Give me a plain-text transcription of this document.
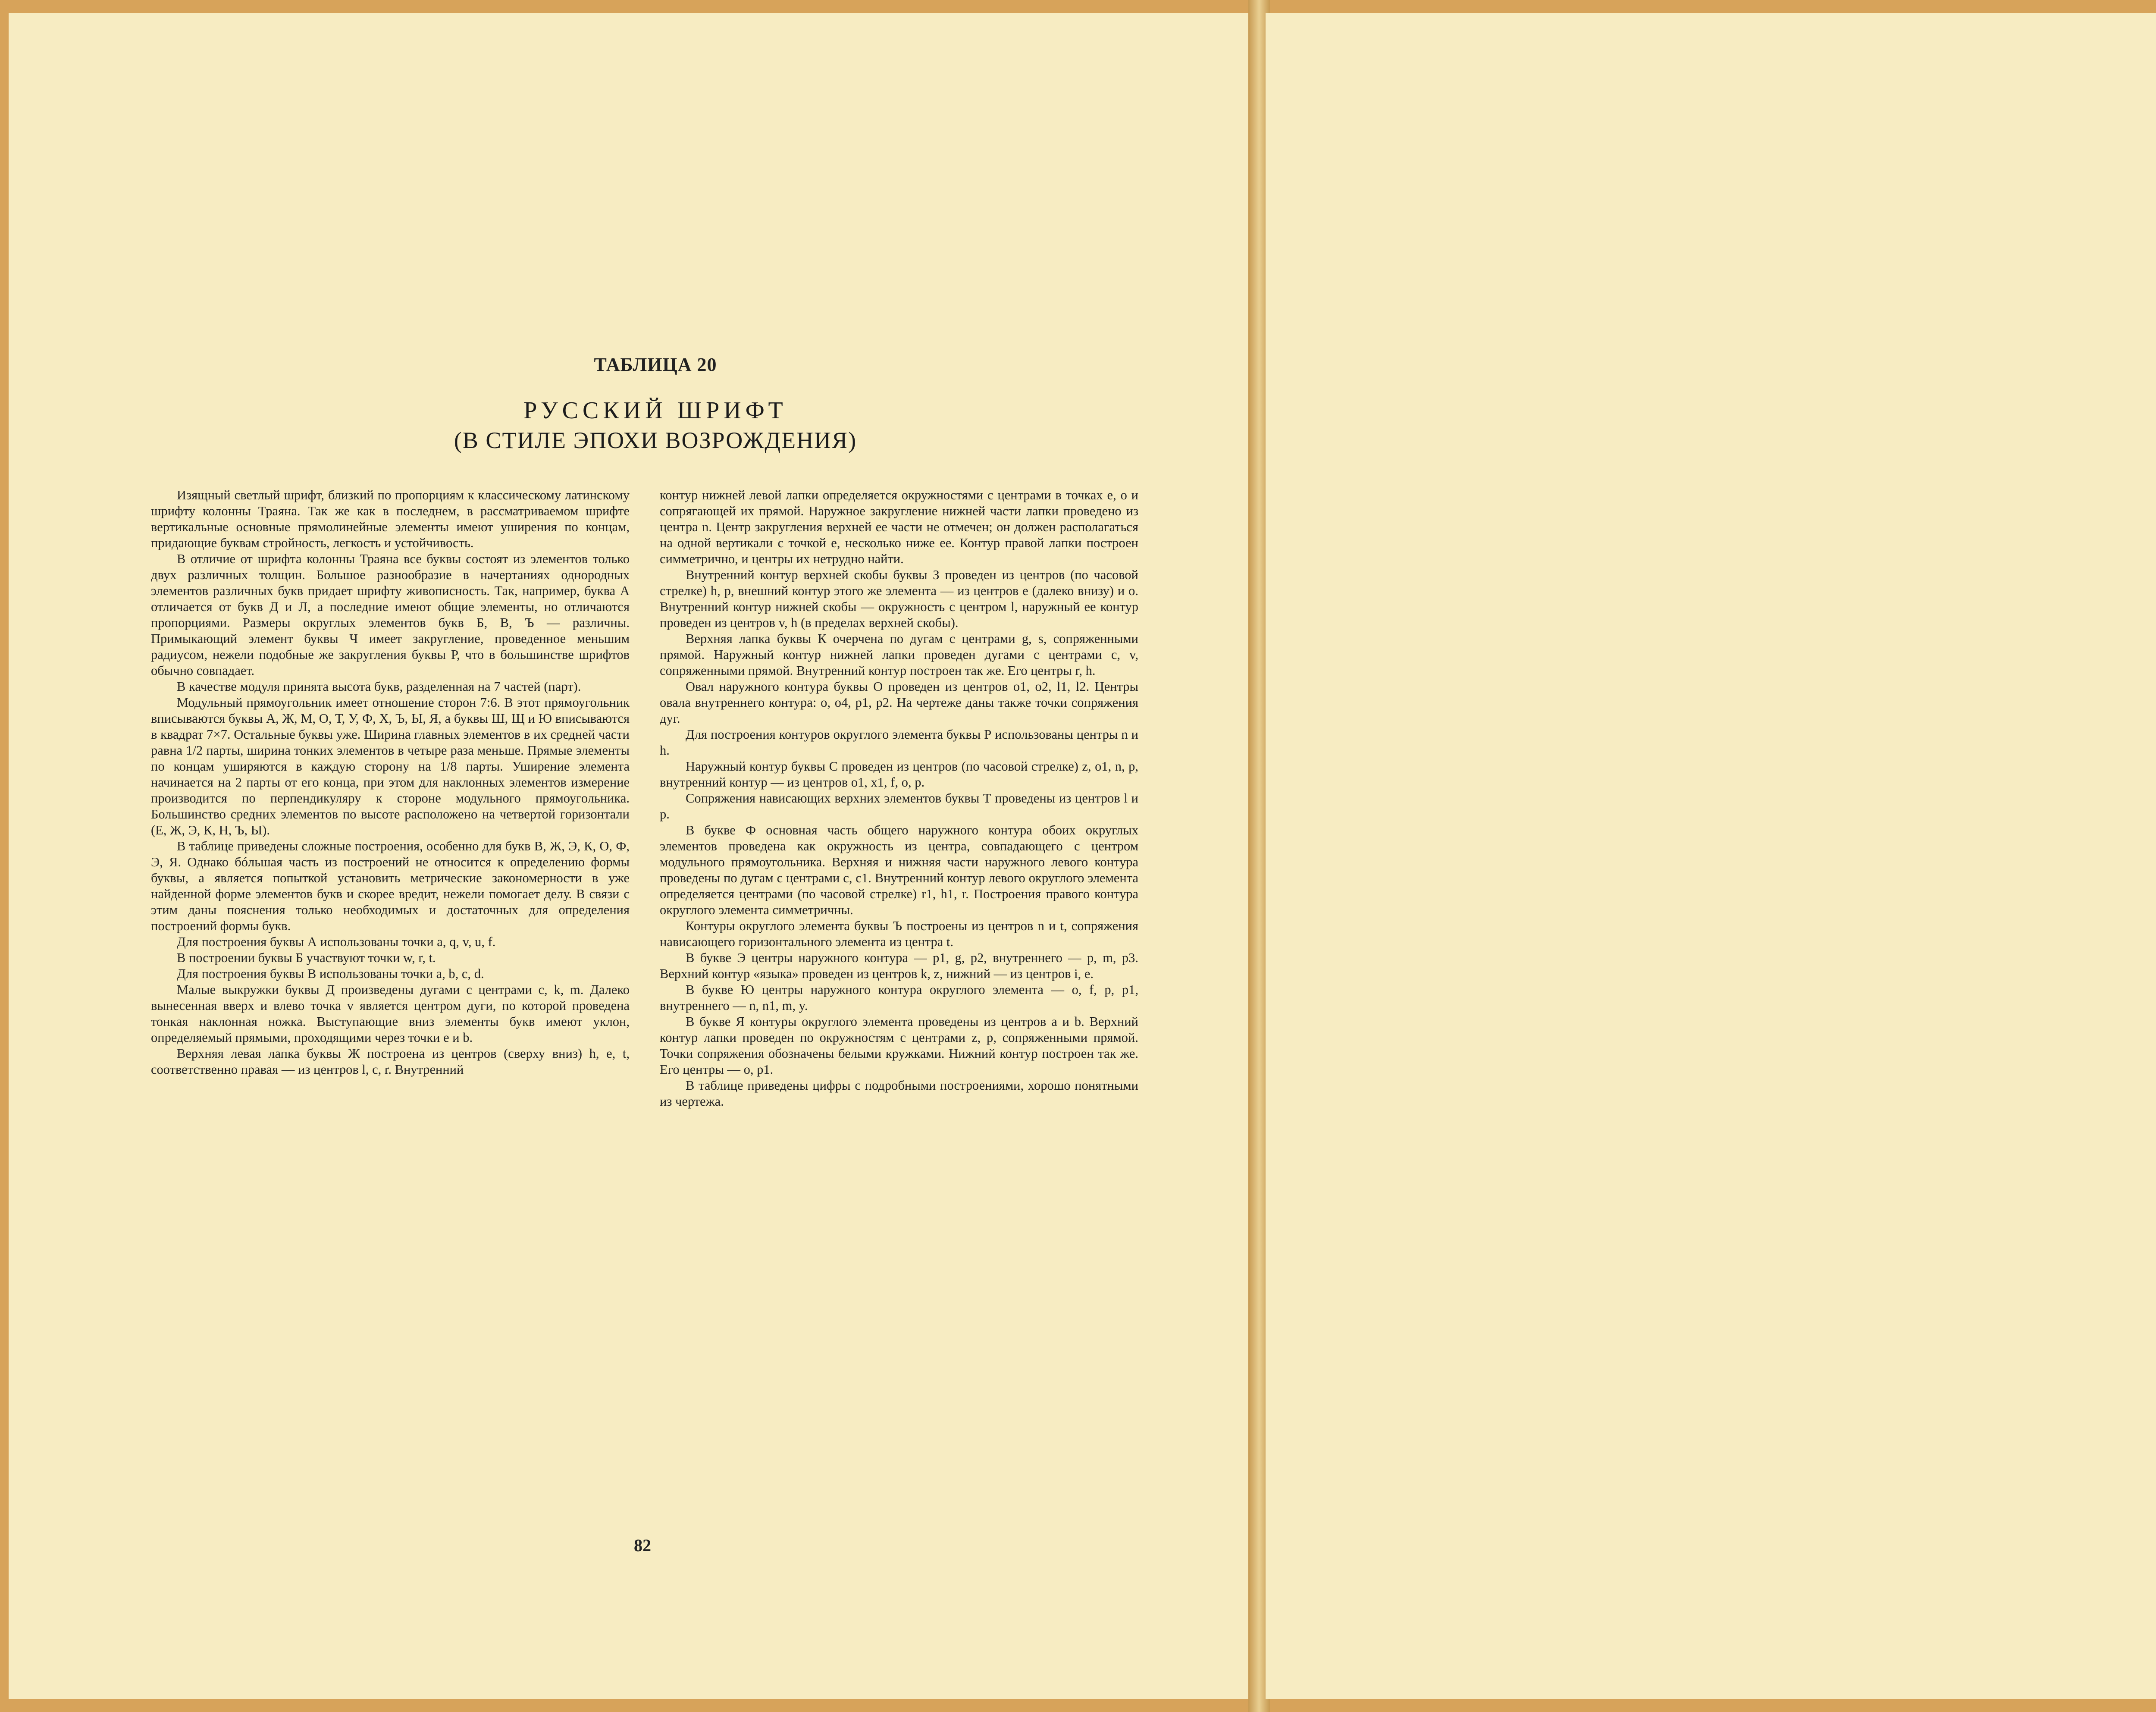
ТАБЛИЦА 20
РУССКИЙ ШРИФТ
(В СТИЛЕ ЭПОХИ ВОЗРОЖДЕНИЯ)

Изящный светлый шрифт, близкий по пропорциям к классическому латинскому шрифту колонны Траяна. Так же как в последнем, в рассматриваемом шрифте вертикальные основные прямолинейные элементы имеют уширения по концам, придающие буквам стройность, легкость и устойчивость.

В отличие от шрифта колонны Траяна все буквы состоят из элементов только двух различных толщин. Большое разнообразие в начертаниях однородных элементов различных букв придает шрифту живописность. Так, например, буква А отличается от букв Д и Л, а последние имеют общие элементы, но отличаются пропорциями. Размеры округлых элементов букв Б, В, Ъ — различны. Примыкающий элемент буквы Ч имеет закругление, проведенное меньшим радиусом, нежели подобные же закругления буквы Р, что в большинстве шрифтов обычно совпадает.

В качестве модуля принята высота букв, разделенная на 7 частей (парт).

Модульный прямоугольник имеет отношение сторон 7:6. В этот прямоугольник вписываются буквы А, Ж, М, О, Т, У, Ф, Х, Ъ, Ы, Я, а буквы Ш, Щ и Ю вписываются в квадрат 7×7. Остальные буквы уже. Ширина главных элементов в их средней части равна 1/2 парты, ширина тонких элементов в четыре раза меньше. Прямые элементы по концам уширяются в каждую сторону на 1/8 парты. Уширение элемента начинается на 2 парты от его конца, при этом для наклонных элементов измерение производится по перпендикуляру к стороне модульного прямоугольника. Большинство средних элементов по высоте расположено на четвертой горизонтали (Е, Ж, Э, К, Н, Ъ, Ы).

В таблице приведены сложные построения, особенно для букв В, Ж, Э, К, О, Ф, Э, Я. Однако бóльшая часть из построений не относится к определению формы буквы, а является попыткой установить метрические закономерности в уже найденной форме элементов букв и скорее вредит, нежели помогает делу. В связи с этим даны пояснения только необходимых и достаточных для определения построений формы букв.

Для построения буквы А использованы точки a, q, v, u, f.

В построении буквы Б участвуют точки w, r, t.

Для построения буквы В использованы точки a, b, c, d.

Малые выкружки буквы Д произведены дугами с центрами c, k, m. Далеко вынесенная вверх и влево точка v является центром дуги, по которой проведена тонкая наклонная ножка. Выступающие вниз элементы букв имеют уклон, определяемый прямыми, проходящими через точки e и b.

Верхняя левая лапка буквы Ж построена из центров (сверху вниз) h, e, t, соответственно правая — из центров l, c, r. Внутренний

контур нижней левой лапки определяется окружностями с центрами в точках e, o и сопрягающей их прямой. Наружное закругление нижней части лапки проведено из центра n. Центр закругления верхней ее части не отмечен; он должен располагаться на одной вертикали с точкой e, несколько ниже ее. Контур правой лапки построен симметрично, и центры их нетрудно найти.

Внутренний контур верхней скобы буквы З проведен из центров (по часовой стрелке) h, p, внешний контур этого же элемента — из центров e (далеко внизу) и o. Внутренний контур нижней скобы — окружность с центром l, наружный ее контур проведен из центров v, h (в пределах верхней скобы).

Верхняя лапка буквы К очерчена по дугам с центрами g, s, сопряженными прямой. Наружный контур нижней лапки проведен дугами с центрами c, v, сопряженными прямой. Внутренний контур построен так же. Его центры r, h.

Овал наружного контура буквы О проведен из центров o1, o2, l1, l2. Центры овала внутреннего контура: o, o4, p1, p2. На чертеже даны также точки сопряжения дуг.

Для построения контуров округлого элемента буквы Р использованы центры n и h.

Наружный контур буквы С проведен из центров (по часовой стрелке) z, o1, n, p, внутренний контур — из центров o1, x1, f, o, p.

Сопряжения нависающих верхних элементов буквы Т проведены из центров l и p.

В букве Ф основная часть общего наружного контура обоих округлых элементов проведена как окружность из центра, совпадающего с центром модульного прямоугольника. Верхняя и нижняя части наружного левого контура проведены по дугам с центрами c, c1. Внутренний контур левого округлого элемента определяется центрами (по часовой стрелке) r1, h1, r. Построения правого контура округлого элемента симметричны.

Контуры округлого элемента буквы Ъ построены из центров n и t, сопряжения нависающего горизонтального элемента из центра t.

В букве Э центры наружного контура — p1, g, p2, внутреннего — p, m, p3. Верхний контур «языка» проведен из центров k, z, нижний — из центров i, e.

В букве Ю центры наружного контура округлого элемента — o, f, p, p1, внутреннего — n, n1, m, y.

В букве Я контуры округлого элемента проведены из центров a и b. Верхний контур лапки проведен по окружностям с центрами z, p, сопряженными прямой. Точки сопряжения обозначены белыми кружками. Нижний контур построен так же. Его центры — o, p1.

В таблице приведены цифры с подробными построениями, хорошо понятными из чертежа.

82
